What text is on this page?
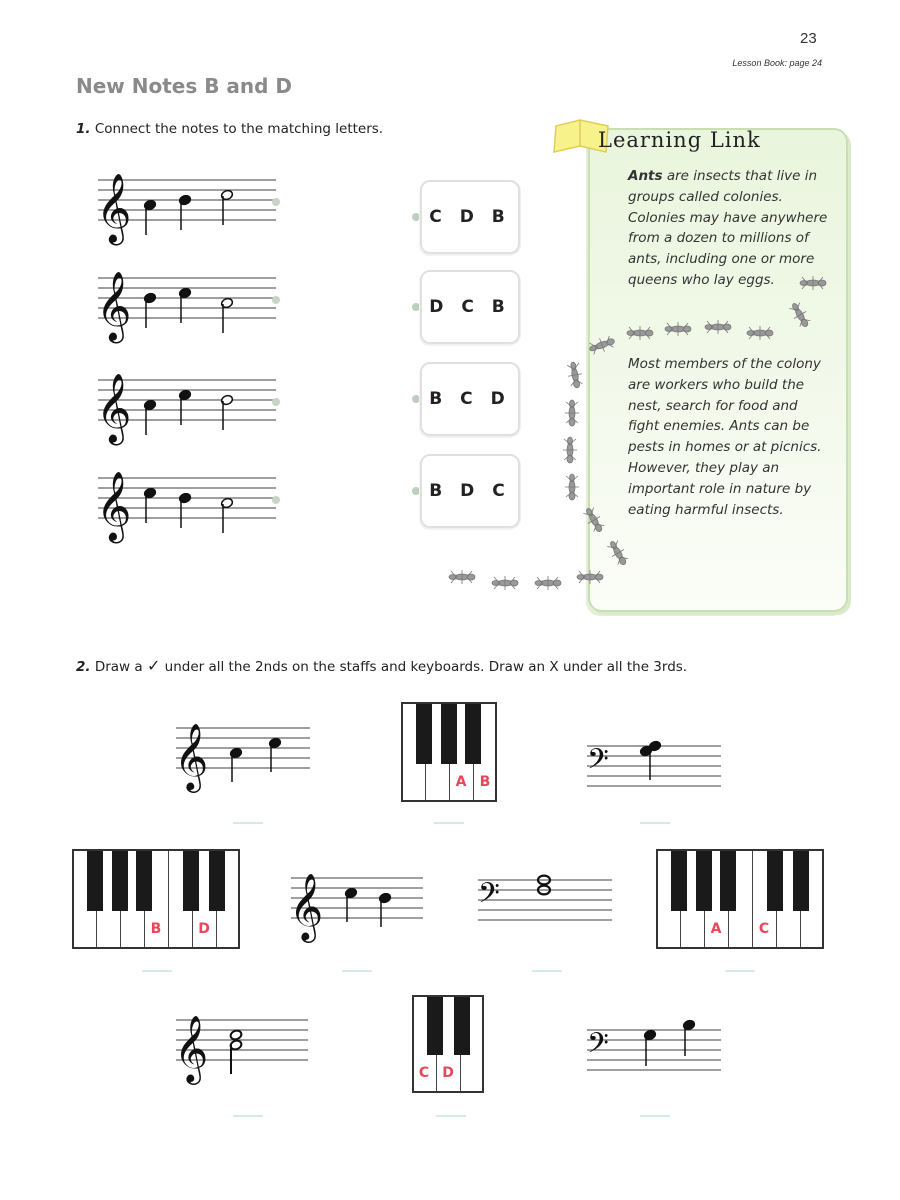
23
Lesson Book: page 24
New Notes B and D
1. Connect the notes to the matching letters.
𝄞
𝄞
𝄞
𝄞
C D B
D C B
B C D
B D C
Learning Link
Ants are insects that live in groups called colonies. Colonies may have anywhere from a dozen to millions of ants, including one or more queens who lay eggs.
Most members of the colony are workers who build the nest, search for food and fight enemies. Ants can be pests in homes or at picnics. However, they play an important role in nature by eating harmful insects.
2. Draw a ✓ under all the 2nds on the staffs and keyboards. Draw an X under all the 3rds.
𝄞	A B	𝄢
B	D 𝄞	𝄢
A	C
𝄞	C D
𝄢
